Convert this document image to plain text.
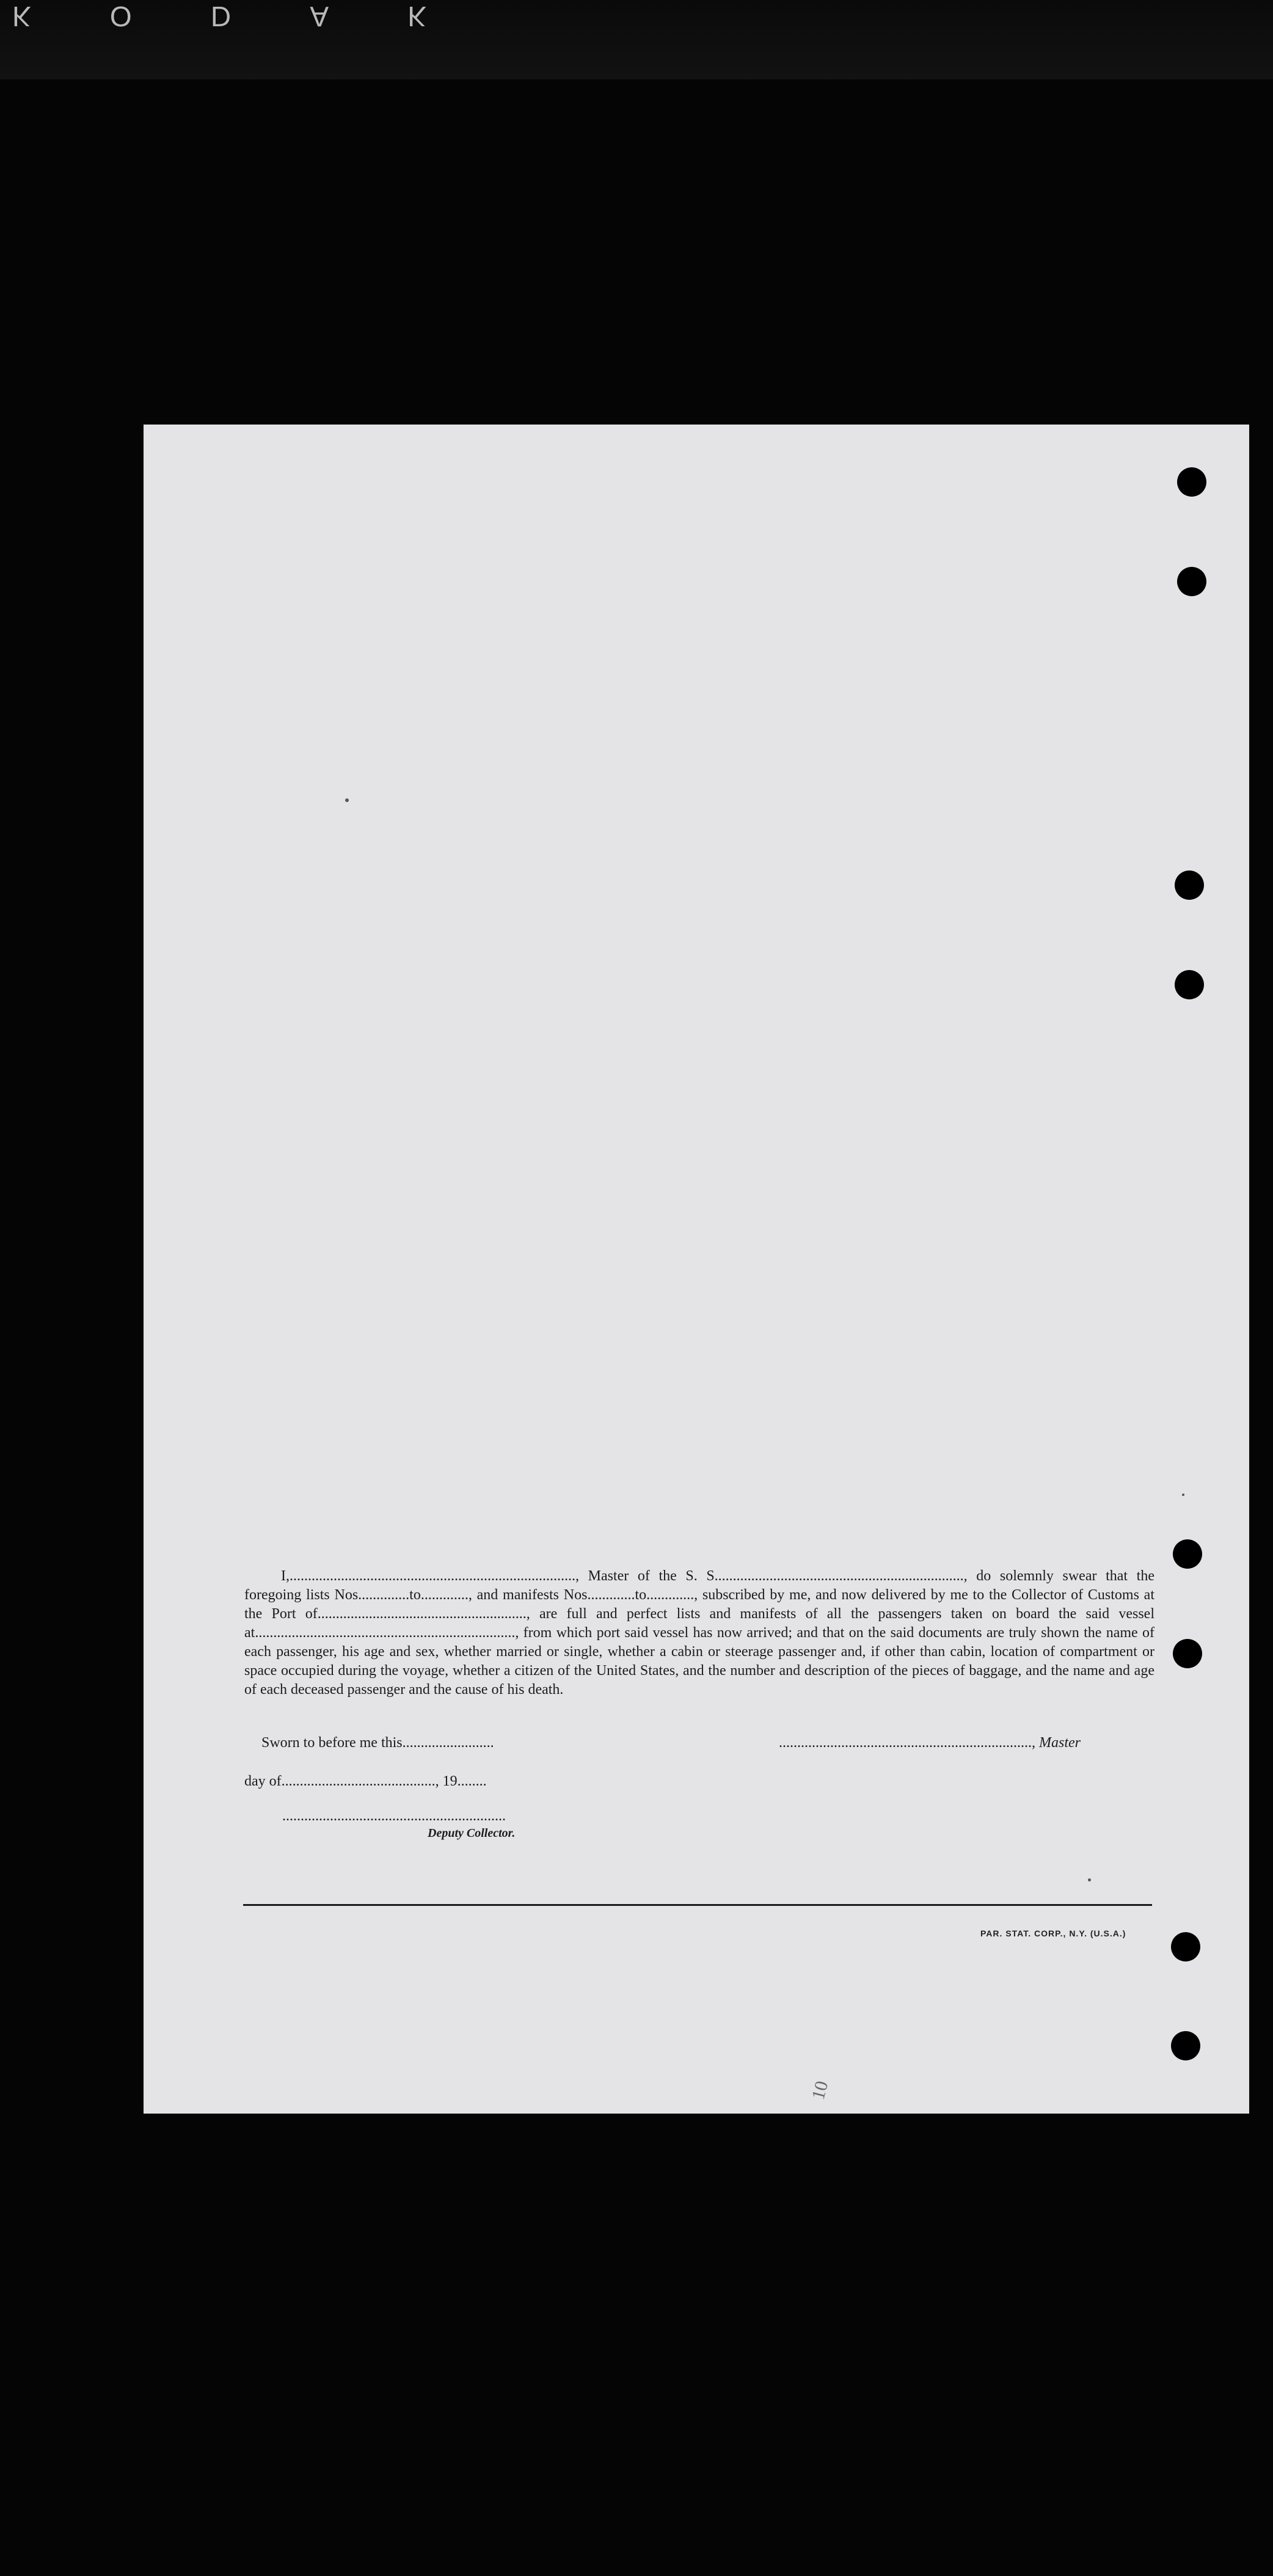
K	O	D	A	K

I,.............................................................................., Master of the S. S...................................................................., do solemnly swear that the foregoing lists Nos..............to............., and manifests Nos.............to............., subscribed by me, and now delivered by me to the Collector of Customs at the Port of........................................................., are full and perfect lists and manifests of all the passengers taken on board the said vessel at......................................................................., from which port said vessel has now arrived; and that on the said documents are truly shown the name of each passenger, his age and sex, whether married or single, whether a cabin or steerage passenger and, if other than cabin, location of compartment or space occupied during the voyage, whether a citizen of the United States, and the number and description of the pieces of baggage, and the name and age of each deceased passenger and the cause of his death.

Sworn to before me this.........................	....................................................................., Master
day of.........................................., 19........
.............................................................
Deputy Collector.
PAR. STAT. CORP., N.Y. (U.S.A.)
10
